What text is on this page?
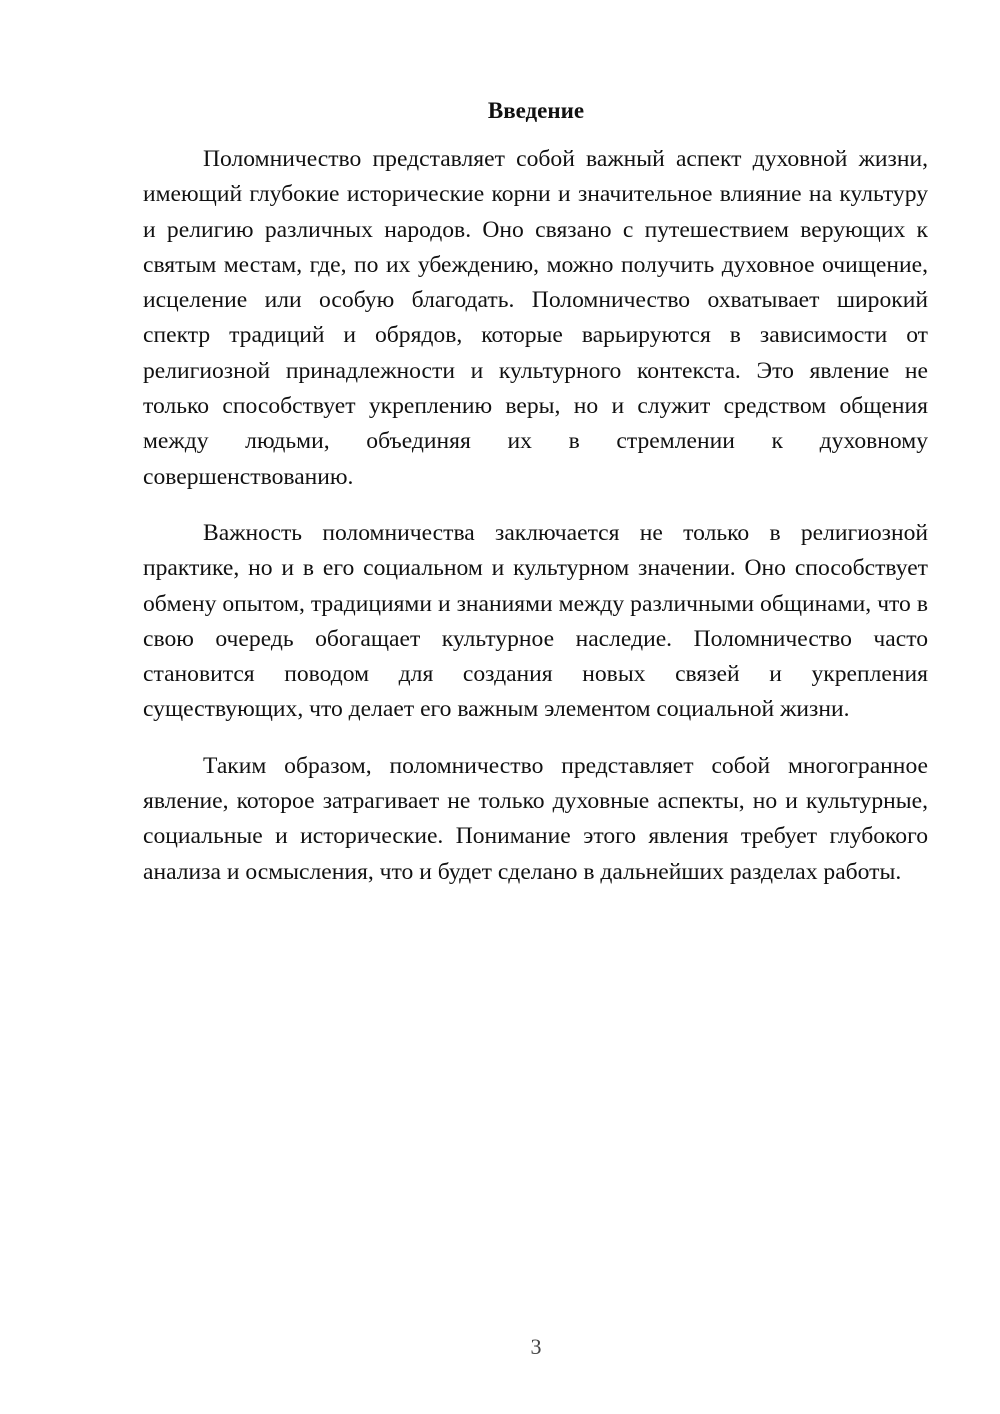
Введение

Поломничество представляет собой важный аспект духовной жизни, имеющий глубокие исторические корни и значительное влияние на культуру и религию различных народов. Оно связано с путешествием верующих к святым местам, где, по их убеждению, можно получить духовное очищение, исцеление или особую благодать. Поломничество охватывает широкий спектр традиций и обрядов, которые варьируются в зависимости от религиозной принадлежности и культурного контекста. Это явление не только способствует укреплению веры, но и служит средством общения между людьми, объединяя их в стремлении к духовному совершенствованию.

Важность поломничества заключается не только в религиозной практике, но и в его социальном и культурном значении. Оно способствует обмену опытом, традициями и знаниями между различными общинами, что в свою очередь обогащает культурное наследие. Поломничество часто становится поводом для создания новых связей и укрепления существующих, что делает его важным элементом социальной жизни.

Таким образом, поломничество представляет собой многогранное явление, которое затрагивает не только духовные аспекты, но и культурные, социальные и исторические. Понимание этого явления требует глубокого анализа и осмысления, что и будет сделано в дальнейших разделах работы.

3
